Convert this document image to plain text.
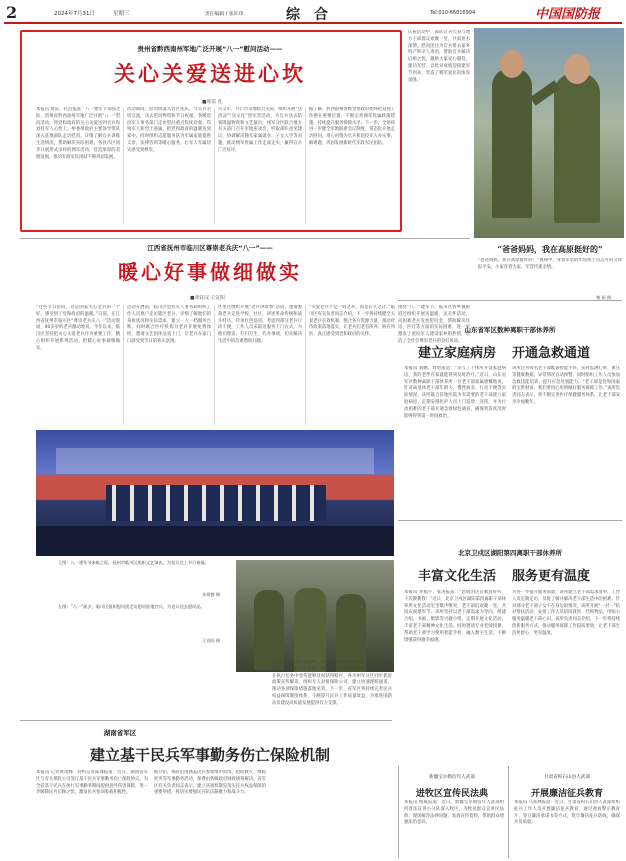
2	2024年7月31日	星期三	责任编辑 / 张轩玮	综　合	Tel:010-66816994	中国国防报
贵州省黔西南州军地广泛开展“八一”慰问活动——
关心关爱送进心坎
■庞雷 孔
本报讯 庞雷、孔昌报道：八一建军节来临之际，贵州省黔西南州军地广泛开展“八一”慰问活动，将党和政府的关心关爱送到官兵和退役军人心坎上。州委州政府主要领导带队深入驻地部队走访慰问，详细了解官兵训练生活情况，帮助解决实际困难。各县市区同步开展形式多样的拥军活动，营造浓厚的双拥氛围，推动军政军民团结不断巩固发展。
活动期间，慰问组深入营区连队，与官兵亲切交流，送去慰问物资和节日祝福。各级退役军人事务部门走访慰问重点优抚对象、伤残军人和烈士遗属，把党和政府的温暖送到家中。同时组织志愿服务队为军属家庭提供义诊、法律咨询等暖心服务，让军人军属切实感受到尊崇。
兴义市、兴仁市等地结合实际，组织开展“送清凉”“送文化”进军营活动，为官兵送去防暑降温物资和文艺演出。州军分区联合地方有关部门召开军地座谈会，听取部队意见建议，协调解决随军家属就业、子女入学等问题，推动拥军优属工作走深走实，赢得官兵广泛好评。
据了解，黔西南州各级党委政府始终把双拥工作摆在重要位置，不断完善拥军优属政策措施，持续提升服务保障水平。下一步，全州将进一步健全军地联席会议制度，常态化开展走访慰问，用心用情为官兵和退役军人办实事、解难题，巩固发展新时代军政军民团结。
庆祝活动中，部队官兵代表与地方干部群众欢聚一堂，共叙鱼水深情。慰问团还为官兵带去家乡特产和亲人寄语，帮助官兵解决后顾之忧，激励大家安心服役、建功军营，以优异成绩迎接建军节到来，营造了拥军爱民的浓厚氛围。
“爸爸妈妈，我在高原挺好的”
“爸爸妈妈，我在高原挺好的！”视频中，身着军装的年轻战士向远方的父母报平安，小家连着大家，军营传递亲情。
黎 娟 摄
江西省抚州市临川区尊崇老兵庆“八一”——
暖心好事做细做实
■邓钰汉 王宣阳
“这些节日慰问，这是国家关心老兵的一个好，感受到了党和政府的温暖。”日前，在江西省抚州市临川区“尊崇老兵庆八一”活动现场，90多岁的老兵激动地说。今年以来，临川区坚持把关心关爱老兵作为重要工作，精心组织开展系列活动，把暖心好事做细做实。
活动开展前，临川区退役军人事务局组织工作人员逐户走访辖区老兵，详细了解他们的身体状况和实际需求，建立一人一档服务台账。同时联合医疗机构为老兵开展免费体检，邀请文艺团体送戏上门，让老兵在家门口感受到节日的喜庆氛围。
区里还组织开展“老兵讲故事”活动，邀请参战老兵走进学校、社区，讲述革命传统和战斗经历，传承红色基因。考虑到部分老兵行动不便，工作人员采取送服务上门方式，为他们理发、打扫卫生、代办事项，切实解决生活中的急难愁盼问题。
“关爱老兵不是一时之举，而是长久之计。”临川区有关负责同志介绍，下一步将持续健全关爱老兵长效机制，整合各方资源力量，推动优待政策落地落实，让老兵们老有所养、病有所医，真正感受到党和政府的关怀。
围绕“八一”建军节，临川区各乡镇街道还组织开展送温暖、送关怀活动，向困难老兵发放慰问金，帮助解决住房、医疗等方面的实际困难，进一步激发了退役军人建设家乡的热情，营造了全社会尊崇老兵的良好风尚。
上图：八一建军节来临之际，抚州市临川区组织文艺演出，为老兵送上节日祝福。
朱炳德 摄
左图：“八一”前夕，临川区组织慰问团走访慰问驻地官兵，为老兵送去慰问品。
王宣阳 摄
山东省军区数种离职干部休养所
建立家庭病房 开通急救通道
本报讯 刘鹏、周勇报道：“多亏了干休所开设家庭病房，我的老伴在家就能得到及时治疗。”近日，山东省军区数种离职干部休养所一位老干部家属感慨地说。针对离退休老干部年龄大、慢性病多、行动不便等实际情况，该所联合驻地医院为有需要的老干部建立家庭病房，定期安排医护人员上门巡诊、送药，并为行动困难的老干部开通急救绿色通道，确保突发状况时能够得到第一时间救治。
该所还为每名老干部配备智能手环，实时监测心率、血压等健康数据，异常情况自动预警。同时组织工作人员参加急救技能培训，提升应急处置能力。“老干部是党和国家的宝贵财富，我们要用心用情做好服务保障工作。”该所负责同志表示，将不断完善医疗保健服务体系，让老干部安享幸福晚年。
北京卫戍区湖阳第四离职干部休养所
丰富文化生活 服务更有温度
本报讯 李福宇、张涛报道：“您唱的这首歌真好听，下次教教我！”近日，北京卫戍区湖阳第四离职干部休养所文化活动室里歌声嘹亮，老干部们欢聚一堂，共同庆祝建军节。该所坚持以老干部需求为导向，组建合唱、书画、摄影等兴趣小组，定期开展文化活动，丰富老干部精神文化生活。同时邀请专业老师授课，帮助老干部学习使用智能手机，融入数字生活，不断增强获得感幸福感。
为进一步提升服务质量，该所建立老干部需求清单，工作人员定期走访，及时了解并解决老干部生活中的困难。针对部分老干部子女不在身边的情况，该所开展“一对一”结对帮扶活动，安排工作人员陪同就医、代购物品，用贴心服务温暖老干部心田。该所负责同志介绍，下一步将持续创新服务方式，推动服务保障工作提质增效，让老干部生活更舒心、更有温度。
湖南省军区
建立基干民兵军事勤务伤亡保险机制
本报讯 记者黄凌峰、特约记者陈骞报道：近日，湖南省军区与有关保险公司签订基干民兵军事勤务伤亡保险协议，为全省基干民兵在执行军事勤务期间提供意外伤害保障，进一步解除民兵后顾之忧，激发民兵参训参战积极性。
据介绍，保险范围涵盖民兵参加集中训练、抢险救灾、维稳处突等军事勤务活动，保费由各级政府财政统筹解决。省军区有关负责同志表示，建立该项机制是落实民兵权益保障的重要举措，将切实增强民兵队伍凝聚力和战斗力。
在此次机制建立过程中，省军区多次组织调研论证，广泛听取基层人武部和民兵意见，明确理赔流程和保障标准，确保民兵在执行任务中受伤能够及时获得赔付。各市州军分区同步抓好政策宣传解读，组织专人对接保险公司，建立快速理赔通道，推动各项保障措施落地见效。下一步，省军区将持续完善民兵权益保障制度体系，不断提升民兵工作质量效益，为推进国防动员建设高质量发展提供有力支撑。
新疆宝尔勒衍年人武部
进牧区宣传民法典
本报讯 杨威报道：近日，新疆宝尔勒衍年人武部组织普法宣讲小分队深入牧区，为牧民群众宣讲民法典，现场解答法律问题，发放宣传资料，帮助群众增强法治意识。
甘肃省积石山县人武部
开展廉洁征兵教育
本报讯 马富林报道：近日，甘肃省积石山县人武部组织征兵工作人员开展廉洁征兵教育，通过观看警示教育片、签订廉洁承诺书等方式，筑牢廉洁征兵防线，确保兵员质量。
